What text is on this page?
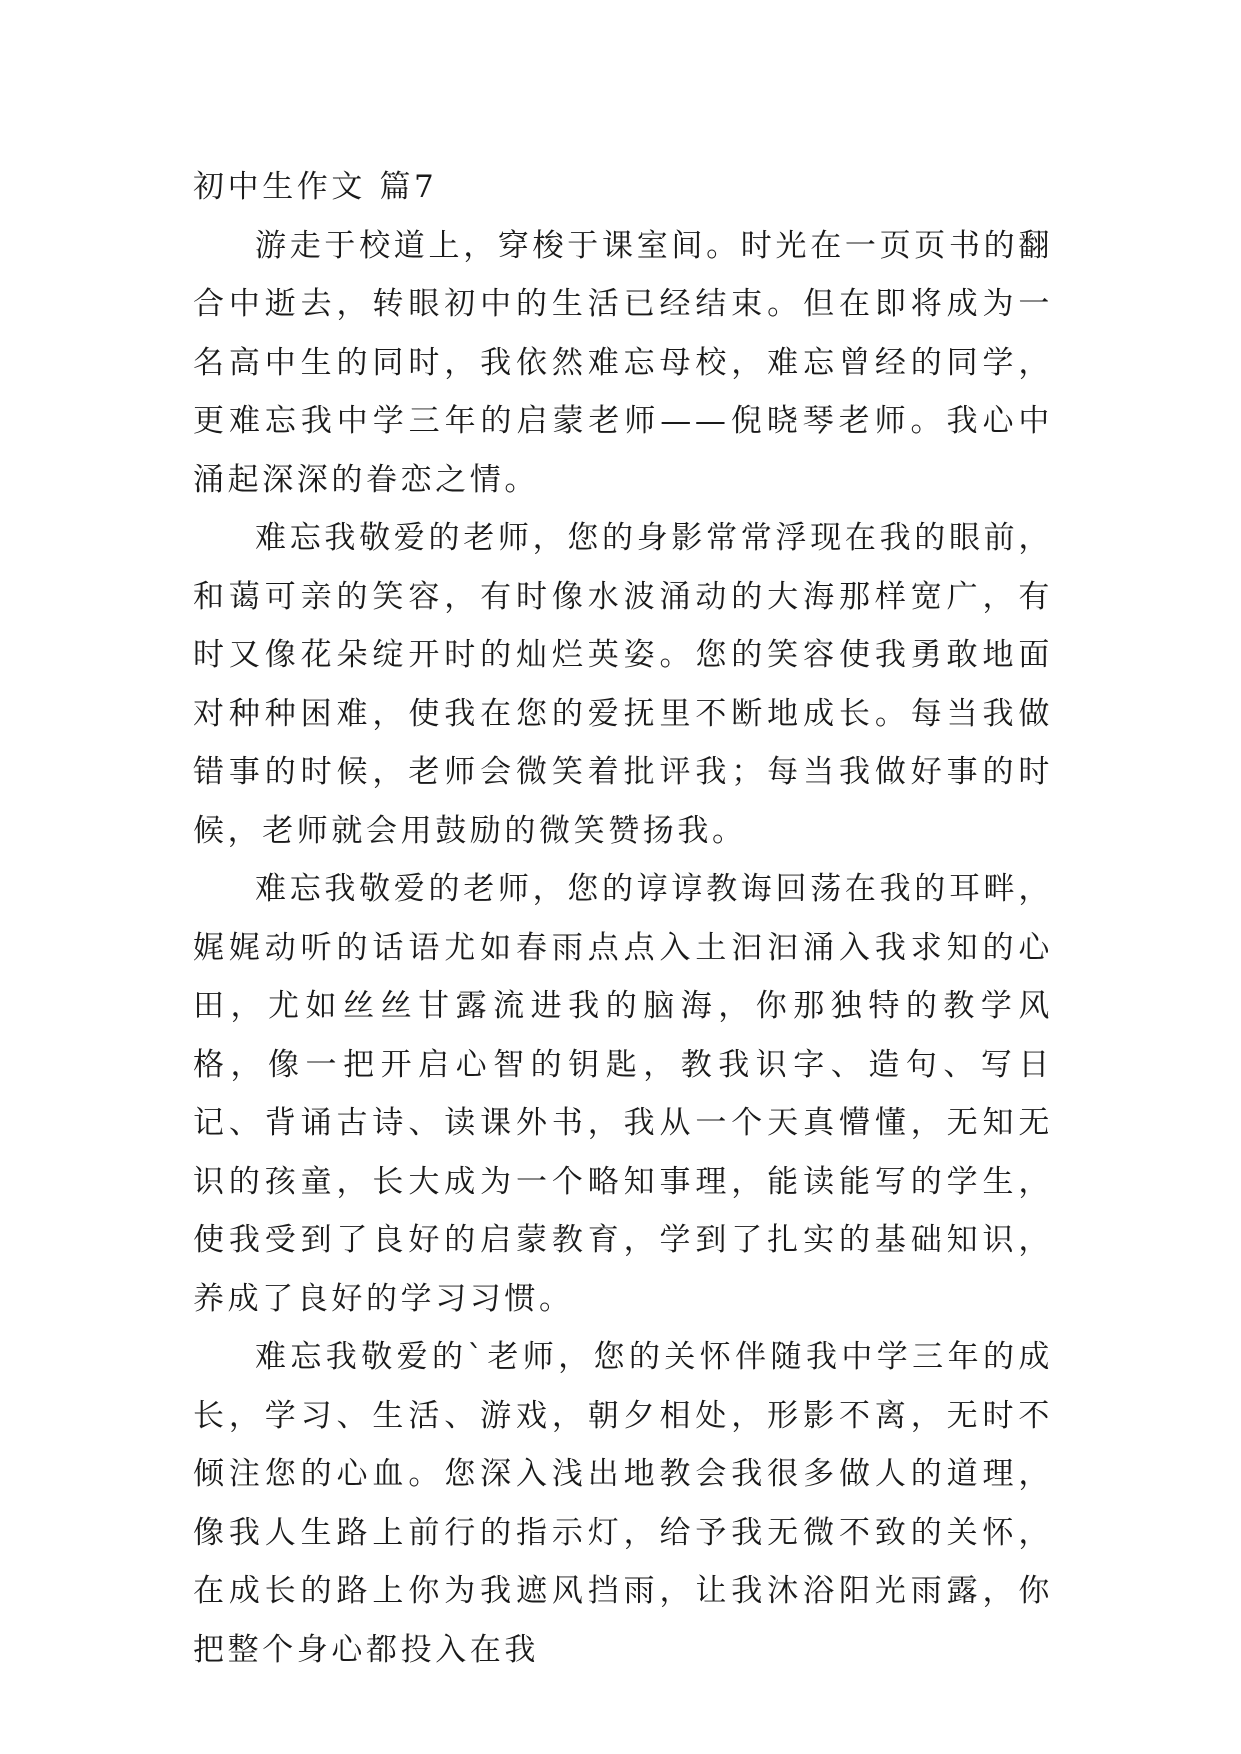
初中生作文 篇7

游走于校道上，穿梭于课室间。时光在一页页书的翻合中逝去，转眼初中的生活已经结束。但在即将成为一名高中生的同时，我依然难忘母校，难忘曾经的同学，更难忘我中学三年的启蒙老师——倪晓琴老师。我心中涌起深深的眷恋之情。

难忘我敬爱的老师，您的身影常常浮现在我的眼前，和蔼可亲的笑容，有时像水波涌动的大海那样宽广，有时又像花朵绽开时的灿烂英姿。您的笑容使我勇敢地面对种种困难，使我在您的爱抚里不断地成长。每当我做错事的时候，老师会微笑着批评我；每当我做好事的时候，老师就会用鼓励的微笑赞扬我。

难忘我敬爱的老师，您的谆谆教诲回荡在我的耳畔，娓娓动听的话语尤如春雨点点入土汩汩涌入我求知的心田，尤如丝丝甘露流进我的脑海，你那独特的教学风格，像一把开启心智的钥匙，教我识字、造句、写日记、背诵古诗、读课外书，我从一个天真懵懂，无知无识的孩童，长大成为一个略知事理，能读能写的学生，使我受到了良好的启蒙教育，学到了扎实的基础知识，养成了良好的学习习惯。

难忘我敬爱的`老师，您的关怀伴随我中学三年的成长，学习、生活、游戏，朝夕相处，形影不离，无时不倾注您的心血。您深入浅出地教会我很多做人的道理，像我人生路上前行的指示灯，给予我无微不致的关怀，在成长的路上你为我遮风挡雨，让我沐浴阳光雨露，你把整个身心都投入在我
